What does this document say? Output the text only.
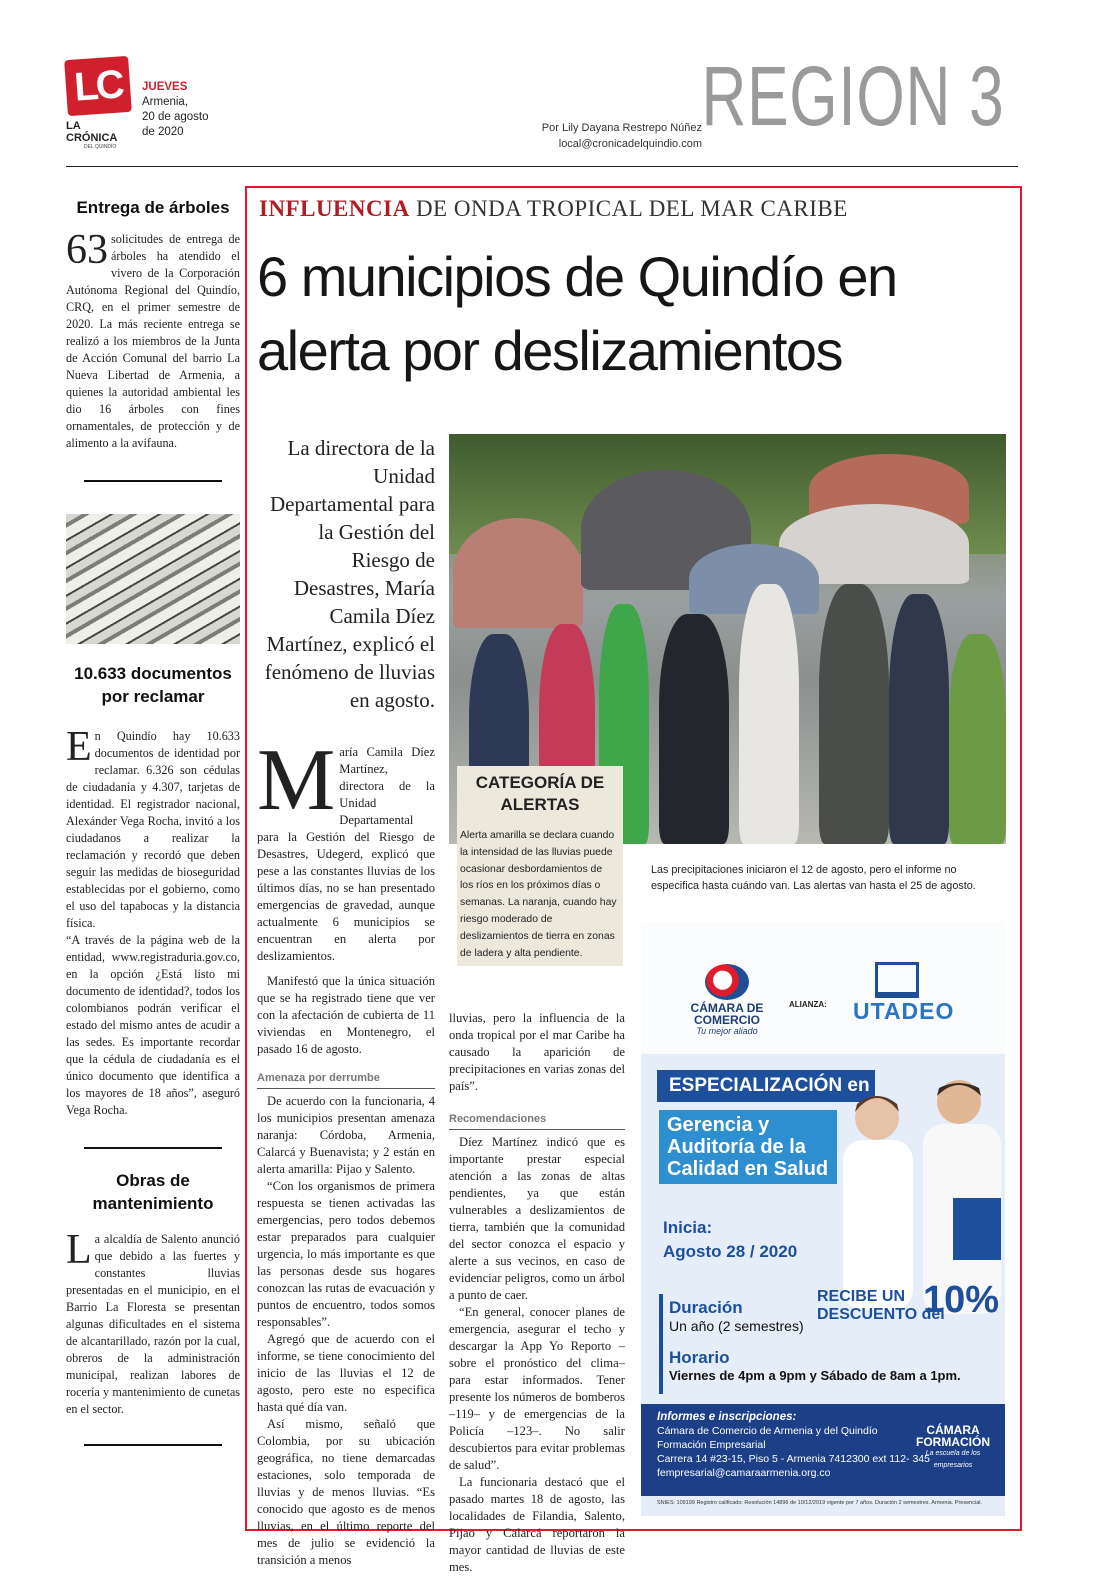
LC
LA CRÓNICA
DEL QUINDÍO
JUEVES
Armenia,
20 de agosto
de 2020	Por Lily Dayana Restrepo Núñez
local@cronicadelquindio.com
REGION 3
Entrega de árboles
63 solicitudes de entrega de árboles ha atendido el vivero de la Corporación Autónoma Regional del Quindío, CRQ, en el primer semestre de 2020. La más reciente entrega se realizó a los miembros de la Junta de Acción Comunal del barrio La Nueva Libertad de Armenia, a quienes la autoridad ambiental les dio 16 árboles con fines ornamentales, de protección y de alimento a la avifauna.
10.633 documentos
por reclamar
E n Quindío hay 10.633 documentos de identidad por reclamar. 6.326 son cédulas de ciudadanía y 4.307, tarjetas de identidad. El registrador nacional, Alexánder Vega Rocha, invitó a los ciudadanos a realizar la reclamación y recordó que deben seguir las medidas de bioseguridad establecidas por el gobierno, como el uso del tapabocas y la distancia física.
“A través de la página web de la entidad, www.registraduria.gov.co, en la opción ¿Está listo mi documento de identidad?, todos los colombianos podrán verificar el estado del mismo antes de acudir a las sedes. Es importante recordar que la cédula de ciudadanía es el único documento que identifica a los mayores de 18 años”, aseguró Vega Rocha.
Obras de
mantenimiento
L a alcaldía de Salento anunció que debido a las fuertes y constantes lluvias presentadas en el municipio, en el Barrio La Floresta se presentan algunas dificultades en el sistema de alcantarillado, razón por la cual, obreros de la administración municipal, realizan labores de rocería y mantenimiento de cunetas en el sector.
INFLUENCIA DE ONDA TROPICAL DEL MAR CARIBE
6 municipios de Quindío en
alerta por deslizamientos
La directora de la Unidad Departamental para la Gestión del Riesgo de Desastres, María Camila Díez Martínez, explicó el fenómeno de lluvias en agosto.
Las precipitaciones iniciaron el 12 de agosto, pero el informe no especifica hasta cuándo van. Las alertas van hasta el 25 de agosto.
CATEGORÍA DE
ALERTAS
Alerta amarilla se declara cuando la intensidad de las lluvias puede ocasionar desbordamientos de los ríos en los próximos días o semanas. La naranja, cuando hay riesgo moderado de deslizamientos de tierra en zonas de ladera y alta pendiente.

María Camila Díez Martínez, directora de la Unidad Departamental para la Gestión del Riesgo de Desastres, Udegerd, explicó que pese a las constantes lluvias de los últimos días, no se han presentado emergencias de gravedad, aunque actualmente 6 municipios se encuentran en alerta por deslizamientos.

Manifestó que la única situación que se ha registrado tiene que ver con la afectación de cubierta de 11 viviendas en Montenegro, el pasado 16 de agosto.

Amenaza por derrumbe

De acuerdo con la funcionaria, 4 los municipios presentan amenaza naranja: Córdoba, Armenia, Calarcá y Buenavista; y 2 están en alerta amarilla: Pijao y Salento.

“Con los organismos de primera respuesta se tienen activadas las emergencias, pero todos debemos estar preparados para cualquier urgencia, lo más importante es que las personas desde sus hogares conozcan las rutas de evacuación y puntos de encuentro, todos somos responsables”.

Agregó que de acuerdo con el informe, se tiene conocimiento del inicio de las lluvias el 12 de agosto, pero este no especifica hasta qué día van.

Así mismo, señaló que Colombia, por su ubicación geográfica, no tiene demarcadas estaciones, solo temporada de lluvias y de menos lluvias. “Es conocido que agosto es de menos lluvias, en el último reporte del mes de julio se evidenció la transición a menos

lluvias, pero la influencia de la onda tropical por el mar Caribe ha causado la aparición de precipitaciones en varias zonas del país”.

Recomendaciones

Díez Martínez indicó que es importante prestar especial atención a las zonas de altas pendientes, ya que están vulnerables a deslizamientos de tierra, también que la comunidad del sector conozca el espacio y alerte a sus vecinos, en caso de evidenciar peligros, como un árbol a punto de caer.

“En general, conocer planes de emergencia, asegurar el techo y descargar la App Yo Reporto –sobre el pronóstico del clima– para estar informados. Tener presente los números de bomberos –119– y de emergencias de la Policía –123–. No salir descubiertos para evitar problemas de salud”.

La funcionaria destacó que el pasado martes 18 de agosto, las localidades de Filandia, Salento, Pijao y Calarcá reportaron la mayor cantidad de lluvias de este mes.

CÁMARA DE COMERCIO
Tu mejor aliado
ALIANZA: UTADEO
ESPECIALIZACIÓN en
Gerencia y
Auditoría de la
Calidad en Salud
Inicia:
Agosto 28 / 2020
Duración
Un año (2 semestres)
Horario
Viernes de 4pm a 9pm y Sábado de 8am a 1pm.
RECIBE UN
DESCUENTO del
10%
Informes e inscripciones:
Cámara de Comercio de Armenia y del Quindío
Formación Empresarial
Carrera 14 #23-15, Piso 5 - Armenia 7412300 ext 112- 345
fempresarial@camaraarmenia.org.co
CÁMARA FORMACIÓN
La escuela de los empresarios
SNIES: 109199 Registro calificado: Resolución 14896 de 10/12/2019 vigente por 7 años. Duración 2 semestres. Armenia. Presencial.
